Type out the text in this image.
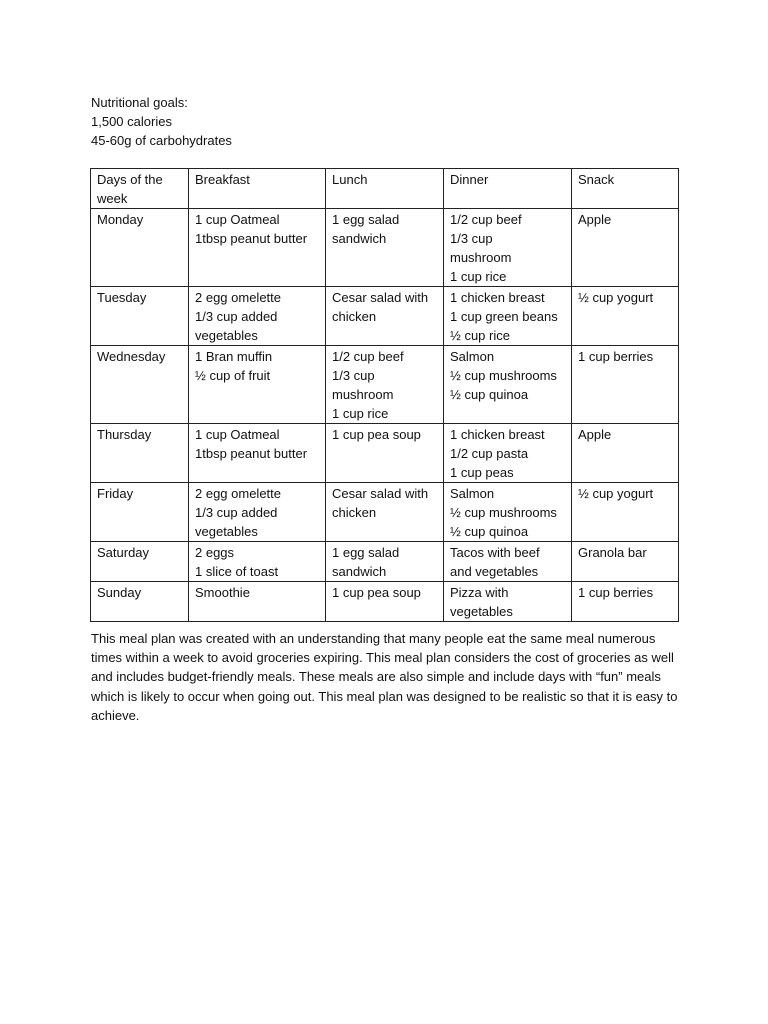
Nutritional goals:
1,500 calories
45-60g of carbohydrates
Days of the week	Breakfast	Lunch	Dinner	Snack

Monday	1 cup Oatmeal
1tbsp peanut butter	1 egg salad
sandwich	1/2 cup beef
1/3 cup
mushroom
1 cup rice	Apple

Tuesday	2 egg omelette
1/3 cup added
vegetables	Cesar salad with
chicken	1 chicken breast
1 cup green beans
½ cup rice	½ cup yogurt

Wednesday	1 Bran muffin
½ cup of fruit	1/2 cup beef
1/3 cup
mushroom
1 cup rice	Salmon
½ cup mushrooms
½ cup quinoa	1 cup berries

Thursday	1 cup Oatmeal
1tbsp peanut butter	1 cup pea soup	1 chicken breast
1/2 cup pasta
1 cup peas	Apple

Friday	2 egg omelette
1/3 cup added
vegetables	Cesar salad with
chicken	Salmon
½ cup mushrooms
½ cup quinoa	½ cup yogurt

Saturday	2 eggs
1 slice of toast	1 egg salad
sandwich	Tacos with beef
and vegetables	Granola bar

Sunday	Smoothie	1 cup pea soup	Pizza with
vegetables	1 cup berries
This meal plan was created with an understanding that many people eat the same meal numerous times within a week to avoid groceries expiring. This meal plan considers the cost of groceries as well and includes budget-friendly meals. These meals are also simple and include days with “fun” meals which is likely to occur when going out. This meal plan was designed to be realistic so that it is easy to achieve.
